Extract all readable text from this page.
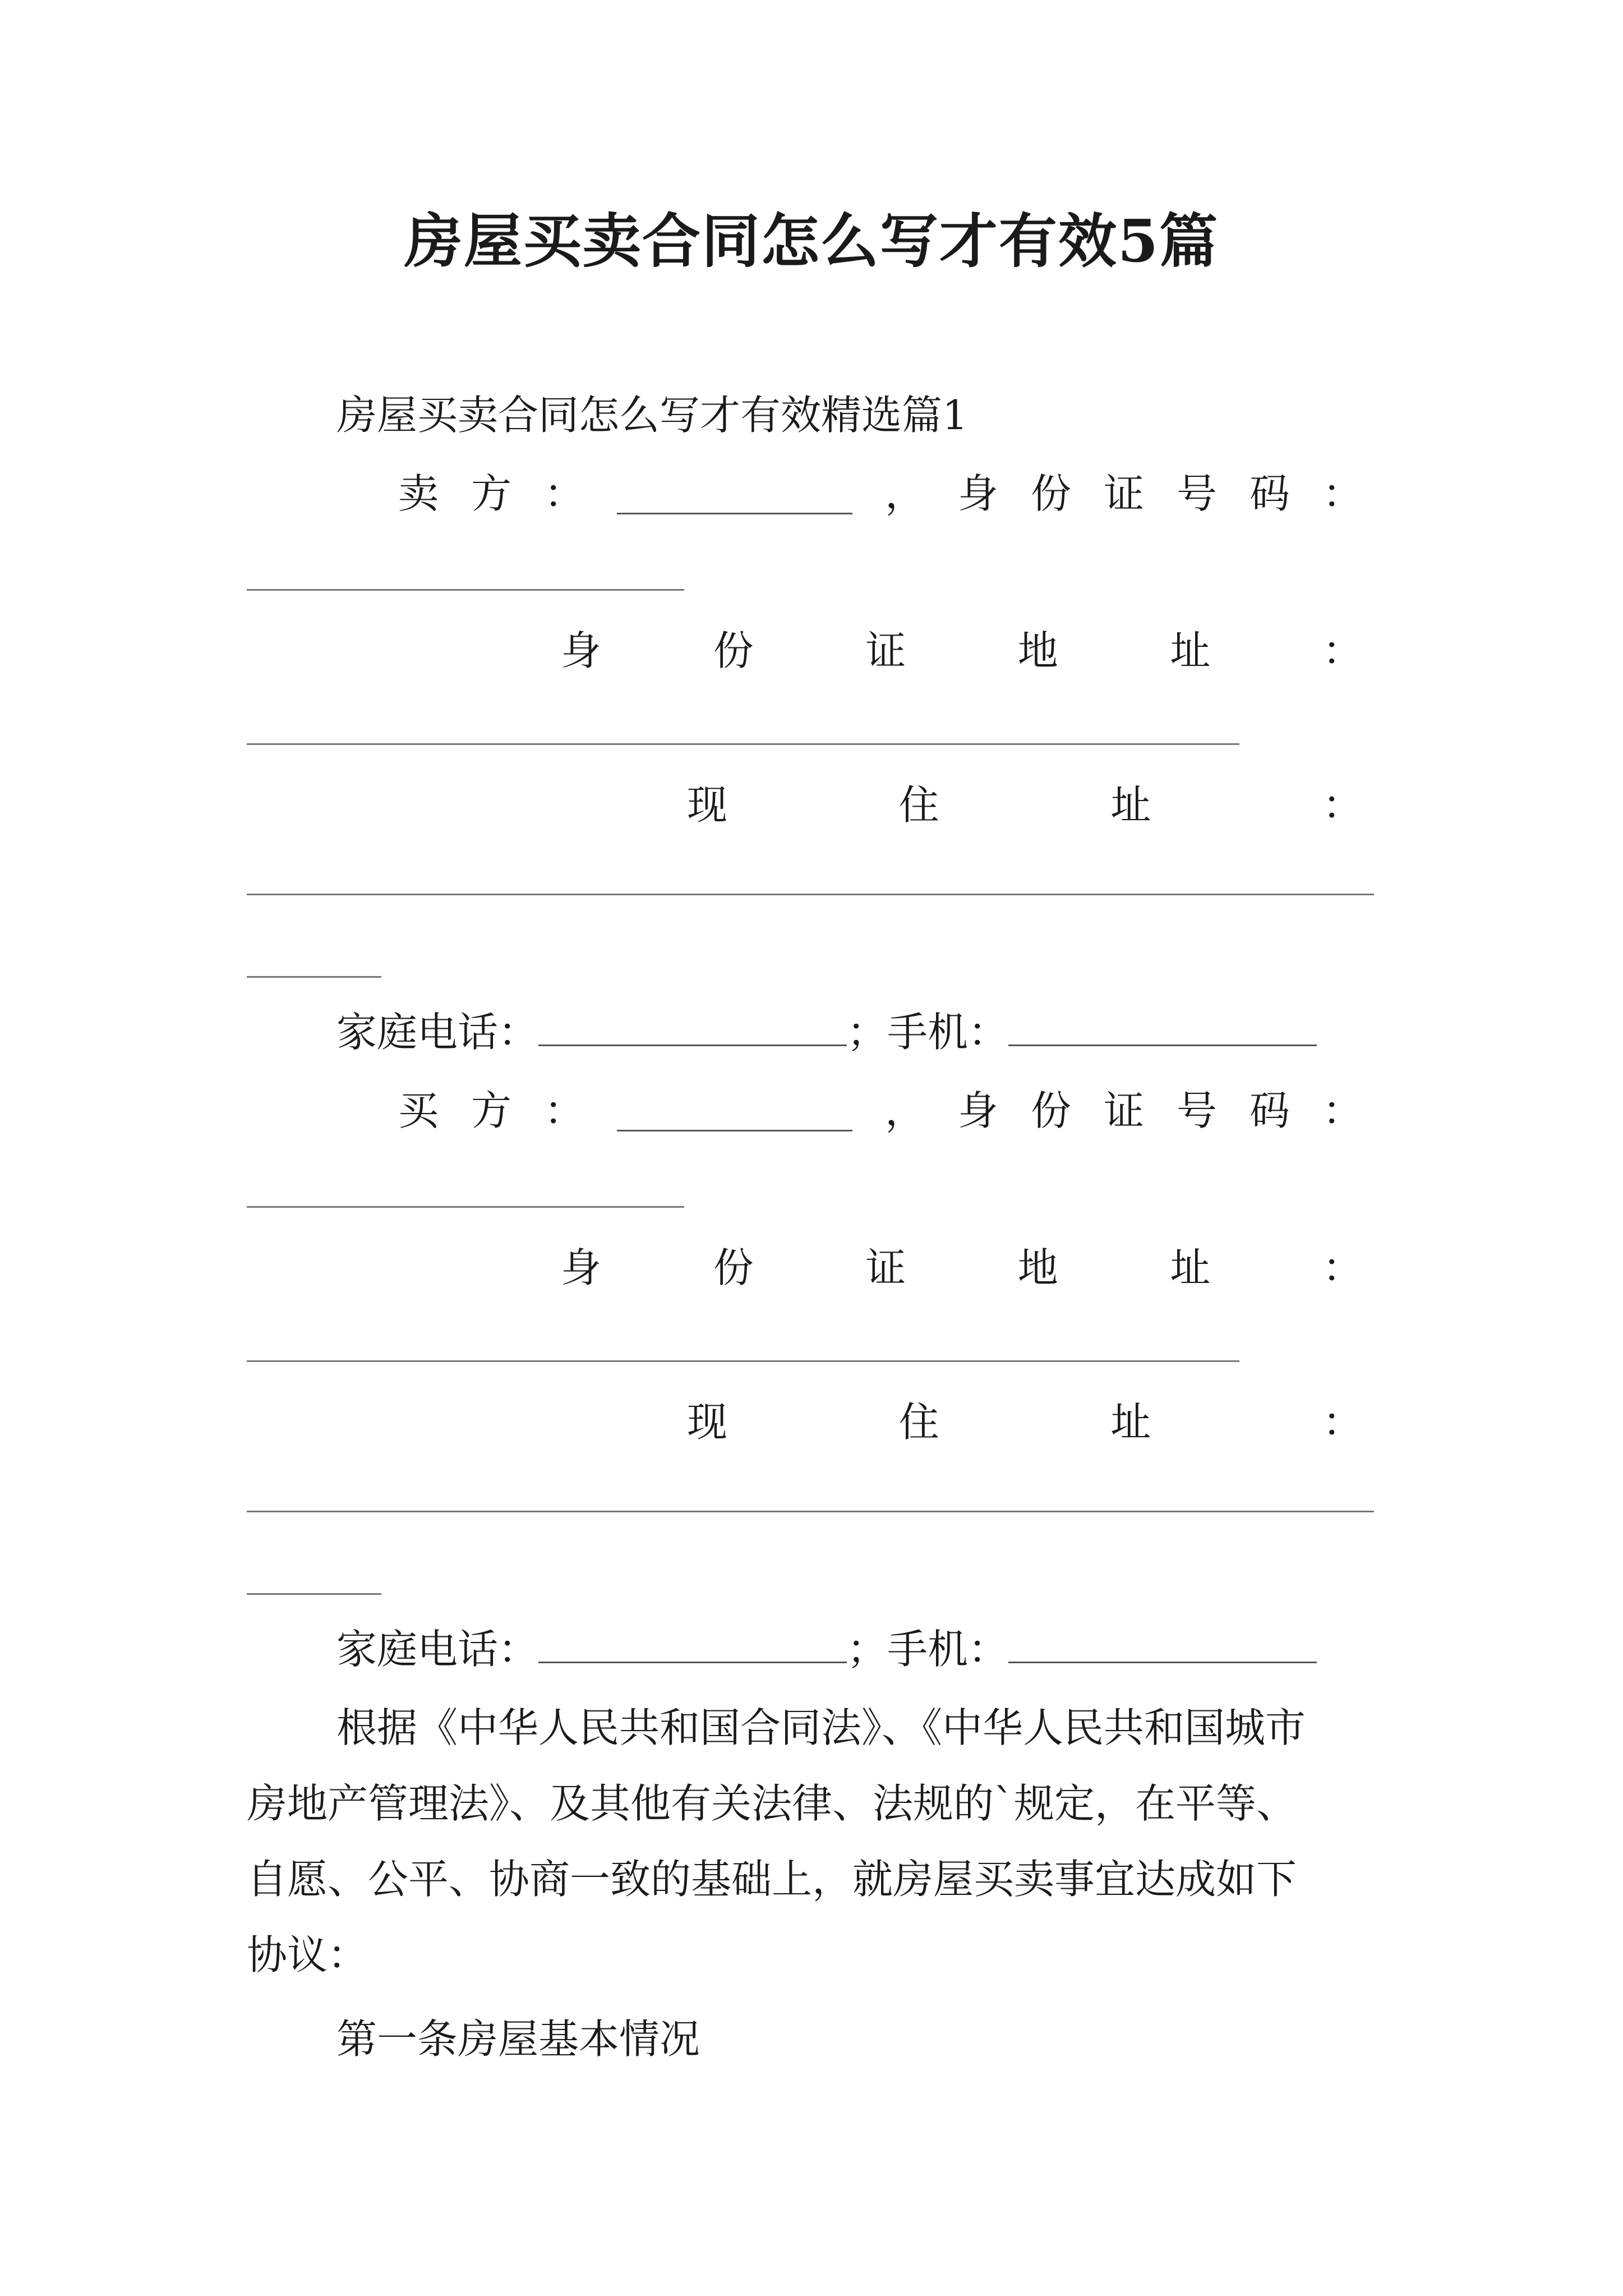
房屋买卖合同怎么写才有效5篇
房屋买卖合同怎么写才有效精选篇1
卖 方 ：	， 身 份 证 号 码 ：
身	份	证	地	址	：
现	住	址	：
家庭电话：	；手机：
买 方 ：	， 身 份 证 号 码 ：
身	份	证	地	址	：
现	住	址	：
家庭电话：	；手机：
根据《中华人民共和国合同法》、《中华人民共和国城市
房地产管理法》、及其他有关法律、法规的`规定，在平等、
自愿、公平、协商一致的基础上，就房屋买卖事宜达成如下
协议：
第一条房屋基本情况
